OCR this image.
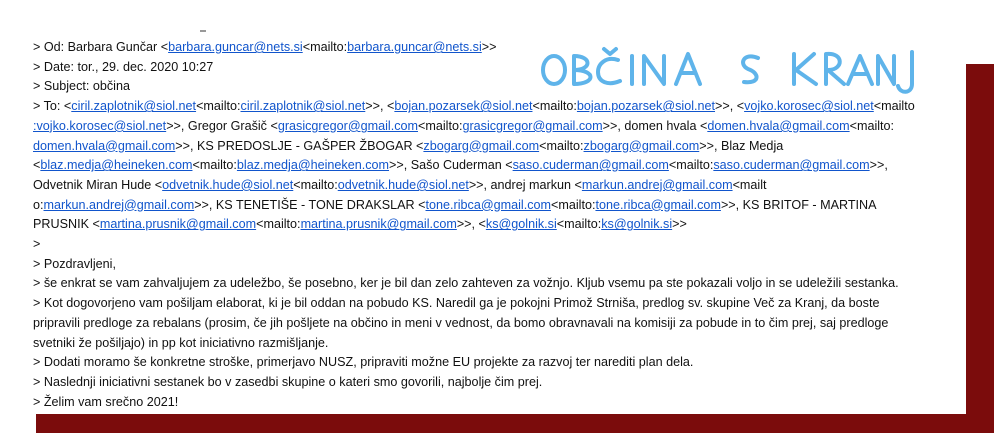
> Od: Barbara Gunčar <barbara.guncar@nets.si<mailto:barbara.guncar@nets.si>>
> Date: tor., 29. dec. 2020 10:27
> Subject: občina
> To: <ciril.zaplotnik@siol.net<mailto:ciril.zaplotnik@siol.net>>, <bojan.pozarsek@siol.net<mailto:bojan.pozarsek@siol.net>>, <vojko.korosec@siol.net<mailto
:vojko.korosec@siol.net>>, Gregor Grašič <grasicgregor@gmail.com<mailto:grasicgregor@gmail.com>>, domen hvala <domen.hvala@gmail.com<mailto:
domen.hvala@gmail.com>>, KS PREDOSLJE - GAŠPER ŽBOGAR <zbogarg@gmail.com<mailto:zbogarg@gmail.com>>, Blaz Medja
<blaz.medja@heineken.com<mailto:blaz.medja@heineken.com>>, Sašo Cuderman <saso.cuderman@gmail.com<mailto:saso.cuderman@gmail.com>>,
Odvetnik Miran Hude <odvetnik.hude@siol.net<mailto:odvetnik.hude@siol.net>>, andrej markun <markun.andrej@gmail.com<mailt
o:markun.andrej@gmail.com>>, KS TENETIŠE - TONE DRAKSLAR <tone.ribca@gmail.com<mailto:tone.ribca@gmail.com>>, KS BRITOF - MARTINA
PRUSNIK <martina.prusnik@gmail.com<mailto:martina.prusnik@gmail.com>>, <ks@golnik.si<mailto:ks@golnik.si>>
>
> Pozdravljeni,
> še enkrat se vam zahvaljujem za udeležbo, še posebno, ker je bil dan zelo zahteven za vožnjo. Kljub vsemu pa ste pokazali voljo in se udeležili sestanka.
> Kot dogovorjeno vam pošiljam elaborat, ki je bil oddan na pobudo KS. Naredil ga je pokojni Primož Strniša, predlog sv. skupine Več za Kranj, da boste
pripravili predloge za rebalans (prosim, če jih pošljete na občino in meni v vednost, da bomo obravnavali na komisiji za pobude in to čim prej, saj predloge
svetniki že pošiljajo) in pp kot iniciativno razmišljanje.
> Dodati moramo še konkretne stroške, primerjavo NUSZ, pripraviti možne EU projekte za razvoj ter narediti plan dela.
> Naslednji iniciativni sestanek bo v zasedbi skupine o kateri smo govorili, najbolje čim prej.
> Želim vam srečno 2021!
